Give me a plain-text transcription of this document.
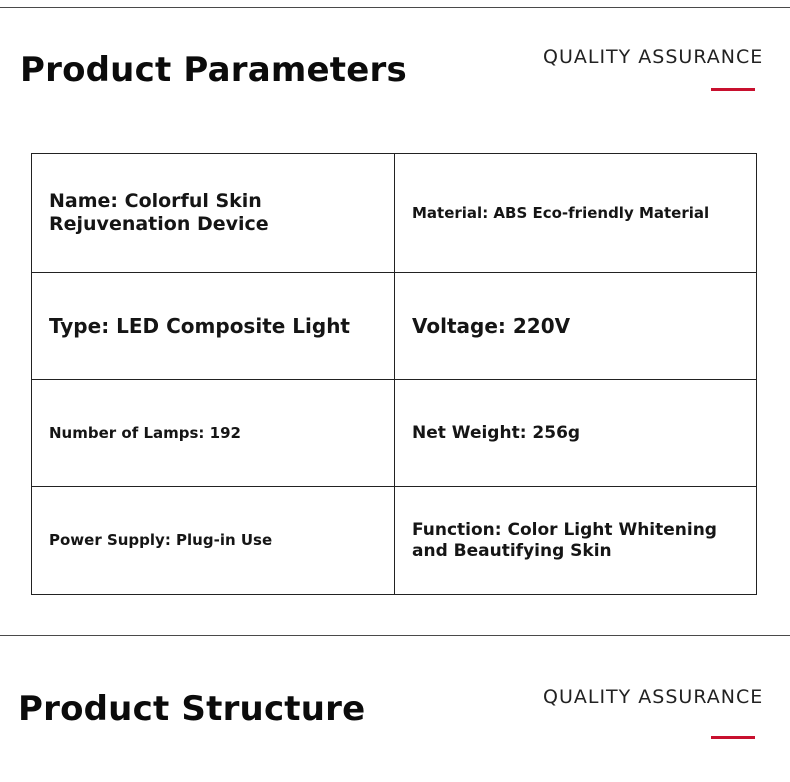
Product Parameters	QUALITY ASSURANCE
Name: Colorful Skin Rejuvenation Device	Material: ABS Eco-friendly Material
Type: LED Composite Light	Voltage: 220V
Number of Lamps: 192	Net Weight: 256g
Power Supply: Plug-in Use	Function: Color Light Whitening and Beautifying Skin
Product Structure	QUALITY ASSURANCE
